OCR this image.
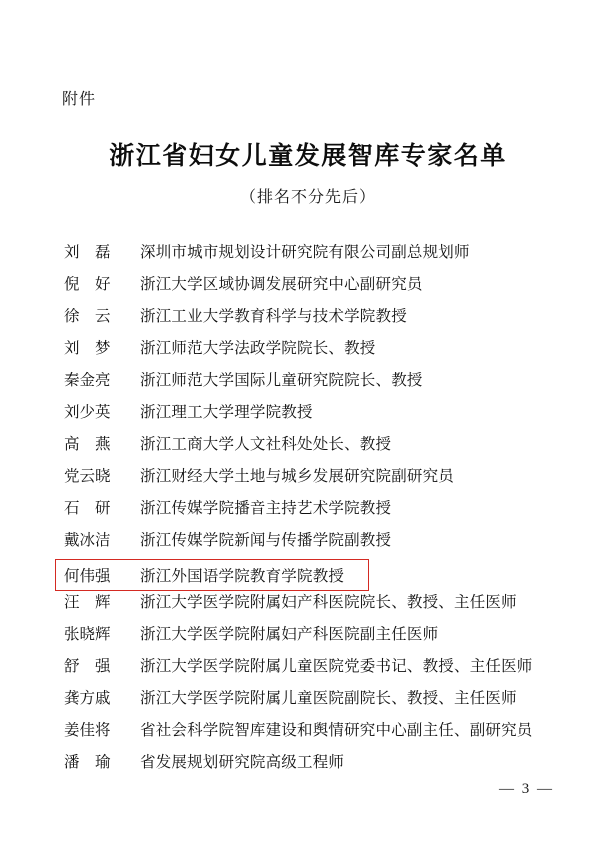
附件
浙江省妇女儿童发展智库专家名单
（排名不分先后）
刘　磊	深圳市城市规划设计研究院有限公司副总规划师
倪　好	浙江大学区域协调发展研究中心副研究员
徐　云	浙江工业大学教育科学与技术学院教授
刘　梦	浙江师范大学法政学院院长、教授
秦金亮	浙江师范大学国际儿童研究院院长、教授
刘少英	浙江理工大学理学院教授
高　燕	浙江工商大学人文社科处处长、教授
党云晓	浙江财经大学土地与城乡发展研究院副研究员
石　研	浙江传媒学院播音主持艺术学院教授
戴冰洁	浙江传媒学院新闻与传播学院副教授
何伟强	浙江外国语学院教育学院教授
汪　辉	浙江大学医学院附属妇产科医院院长、教授、主任医师
张晓辉	浙江大学医学院附属妇产科医院副主任医师
舒　强	浙江大学医学院附属儿童医院党委书记、教授、主任医师
龚方戚	浙江大学医学院附属儿童医院副院长、教授、主任医师
姜佳将	省社会科学院智库建设和舆情研究中心副主任、副研究员
潘　瑜	省发展规划研究院高级工程师
— 3 —
